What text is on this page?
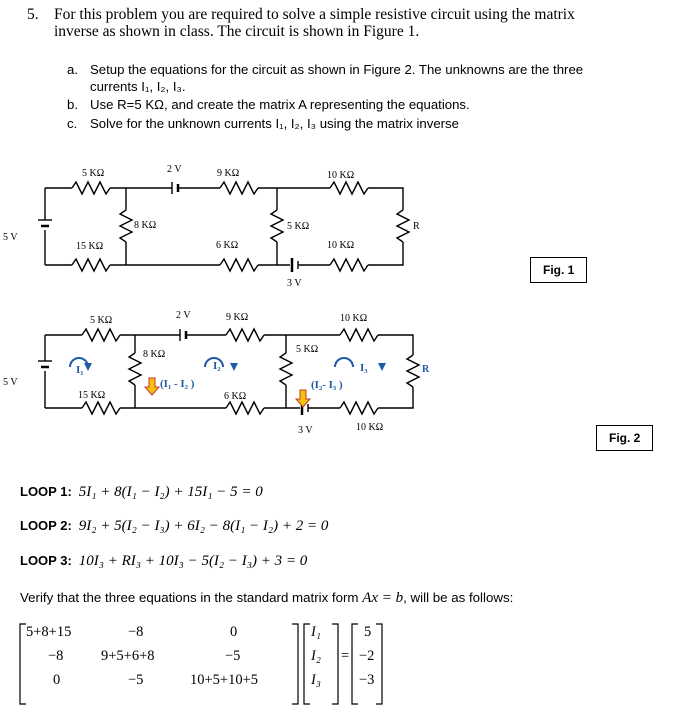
5. For this problem you are required to solve a simple resistive circuit using the matrix
inverse as shown in class. The circuit is shown in Figure 1.
a. Setup the equations for the circuit as shown in Figure 2. The unknowns are the three
currents I₁, I₂, I₃.
b. Use R=5 KΩ, and create the matrix A representing the equations.
c. Solve for the unknown currents I₁, I₂, I₃ using the matrix inverse
5 KΩ	2 V	9 KΩ	10 KΩ
8 KΩ	5 KΩ	R
5 V
15 KΩ	6 KΩ	10 KΩ
3 V
Fig. 1
5 KΩ	2 V	9 KΩ	10 KΩ
8 KΩ	5 KΩ
R
5 V
15 KΩ	6 KΩ
10 KΩ
3 V
I₁	I₂	I₃
(I₁ - I₂ )	(I₂- I₃ )
Fig. 2
LOOP 1: 5I₁ + 8(I₁ − I₂) + 15I₁ − 5 = 0
LOOP 2: 9I₂ + 5(I₂ − I₃) + 6I₂ − 8(I₁ − I₂) + 2 = 0
LOOP 3: 10I₃ + RI₃ + 10I₃ − 5(I₂ − I₃) + 3 = 0
Verify that the three equations in the standard matrix form Ax = b, will be as follows:
5+8+15	−8	0
−8	9+5+6+8	−5
0	−5	10+5+10+5
I₁
I₂
I₃
=
5
−2
−3
